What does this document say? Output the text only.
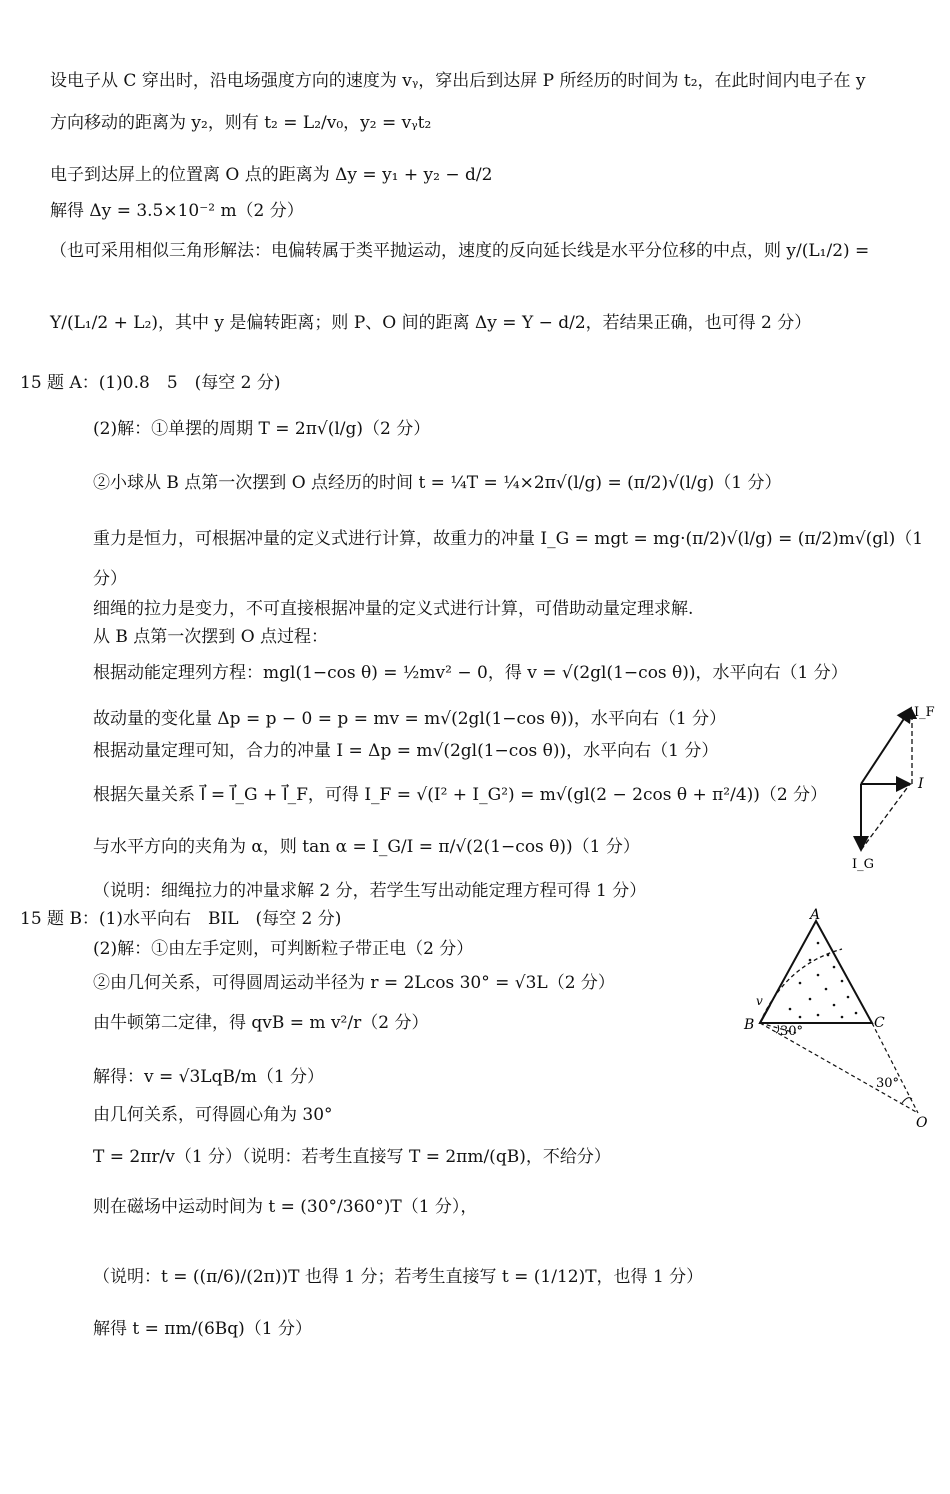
设电子从 C 穿出时，沿电场强度方向的速度为 vᵧ，穿出后到达屏 P 所经历的时间为 t₂，在此时间内电子在 y
方向移动的距离为 y₂，则有 t₂ = L₂/v₀，y₂ = vᵧt₂
电子到达屏上的位置离 O 点的距离为 Δy = y₁ + y₂ − d/2
解得 Δy = 3.5×10⁻² m（2 分）
（也可采用相似三角形解法：电偏转属于类平抛运动，速度的反向延长线是水平分位移的中点，则 y/(L₁/2) =
Y/(L₁/2 + L₂)，其中 y 是偏转距离；则 P、O 间的距离 Δy = Y − d/2，若结果正确，也可得 2 分）
15 题 A：(1)0.8　5　(每空 2 分)
(2)解：①单摆的周期 T = 2π√(l/g)（2 分）
②小球从 B 点第一次摆到 O 点经历的时间 t = ¼T = ¼×2π√(l/g) = (π/2)√(l/g)（1 分）
重力是恒力，可根据冲量的定义式进行计算，故重力的冲量 I_G = mgt = mg·(π/2)√(l/g) = (π/2)m√(gl)（1
分）
细绳的拉力是变力，不可直接根据冲量的定义式进行计算，可借助动量定理求解.
从 B 点第一次摆到 O 点过程：
根据动能定理列方程：mgl(1−cos θ) = ½mv² − 0，得 v = √(2gl(1−cos θ))，水平向右（1 分）
故动量的变化量 Δp = p − 0 = p = mv = m√(2gl(1−cos θ))，水平向右（1 分）
根据动量定理可知，合力的冲量 I = Δp = m√(2gl(1−cos θ))，水平向右（1 分）
根据矢量关系 I⃗ = I⃗_G + I⃗_F，可得 I_F = √(I² + I_G²) = m√(gl(2 − 2cos θ + π²/4))（2 分）
与水平方向的夹角为 α，则 tan α = I_G/I = π/√(2(1−cos θ))（1 分）
（说明：细绳拉力的冲量求解 2 分，若学生写出动能定理方程可得 1 分）
15 题 B：(1)水平向右　BIL　(每空 2 分)
(2)解：①由左手定则，可判断粒子带正电（2 分）
②由几何关系，可得圆周运动半径为 r = 2Lcos 30° = √3L（2 分）
由牛顿第二定律，得 qvB = m v²/r（2 分）
解得：v = √3LqB/m（1 分）
由几何关系，可得圆心角为 30°
T = 2πr/v（1 分）（说明：若考生直接写 T = 2πm/(qB)，不给分）
则在磁场中运动时间为 t = (30°/360°)T（1 分），
（说明：t = ((π/6)/(2π))T 也得 1 分；若考生直接写 t = (1/12)T，也得 1 分）
解得 t = πm/(6Bq)（1 分）
I_F
I
I_G
A
B	C
O
v
30°
30°
